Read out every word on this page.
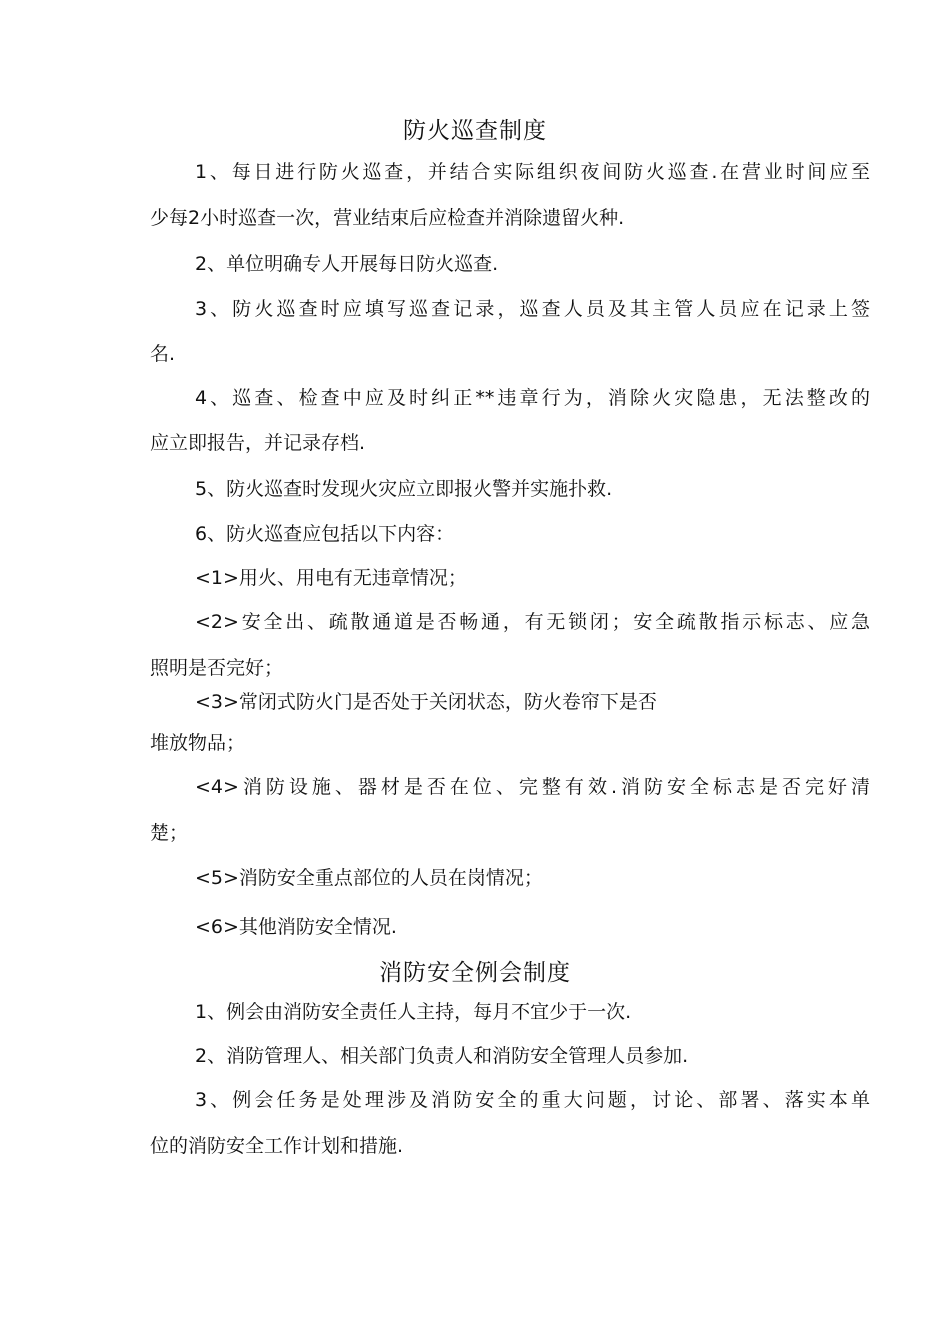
防火巡查制度
1、每日进行防火巡查，并结合实际组织夜间防火巡查.在营业时间应至
少每2小时巡查一次，营业结束后应检查并消除遗留火种.
2、单位明确专人开展每日防火巡查.
3、防火巡查时应填写巡查记录，巡查人员及其主管人员应在记录上签
名.
4、巡查、检查中应及时纠正**违章行为，消除火灾隐患，无法整改的
应立即报告，并记录存档.
5、防火巡查时发现火灾应立即报火警并实施扑救.
6、防火巡查应包括以下内容：
<1>用火、用电有无违章情况；
<2>安全出、疏散通道是否畅通，有无锁闭；安全疏散指示标志、应急
照明是否完好；
<3>常闭式防火门是否处于关闭状态，防火卷帘下是否
堆放物品；
<4>消防设施、器材是否在位、完整有效.消防安全标志是否完好清
楚；
<5>消防安全重点部位的人员在岗情况；
<6>其他消防安全情况.
消防安全例会制度
1、例会由消防安全责任人主持，每月不宜少于一次.
2、消防管理人、相关部门负责人和消防安全管理人员参加.
3、例会任务是处理涉及消防安全的重大问题，讨论、部署、落实本单
位的消防安全工作计划和措施.
